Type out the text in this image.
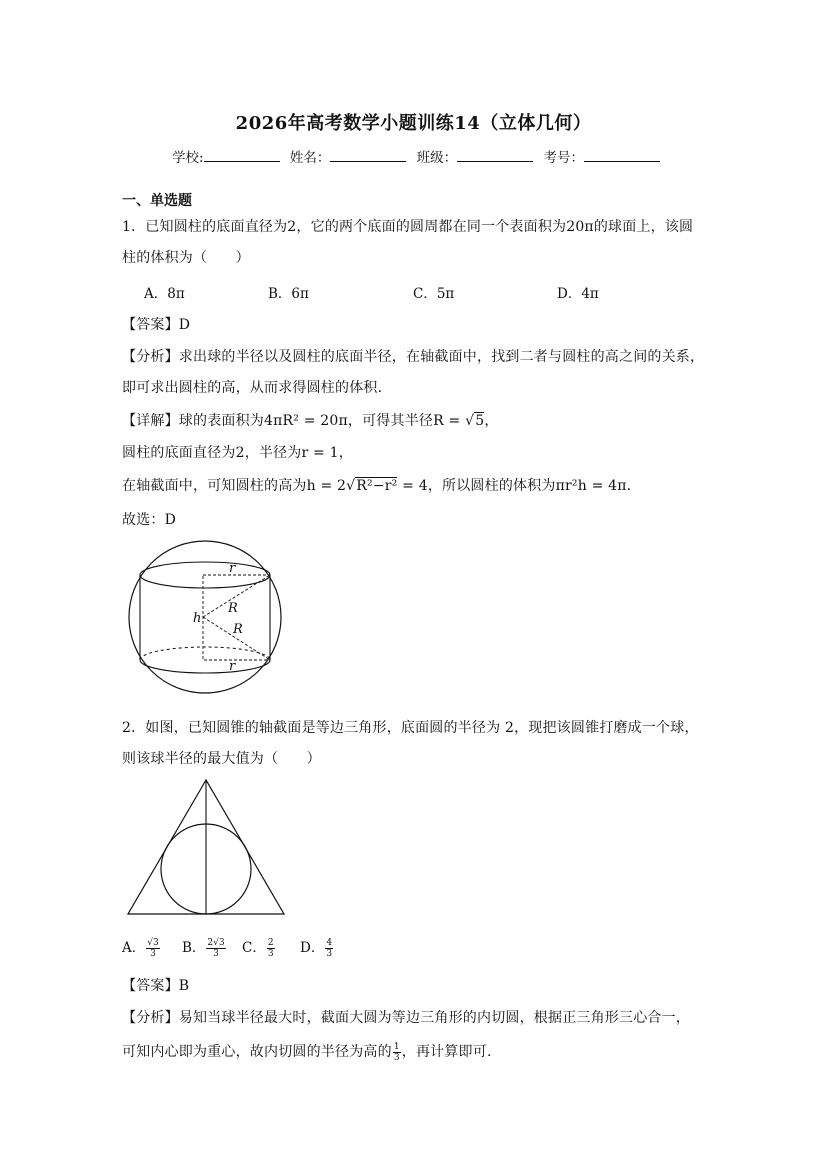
2026年高考数学小题训练14（立体几何）
学校:	姓名：	班级：	考号：
一、单选题
1．已知圆柱的底面直径为2，它的两个底面的圆周都在同一个表面积为20π的球面上，该圆
柱的体积为（　　）
A．8π	B．6π	C．5π	D．4π
【答案】D
【分析】求出球的半径以及圆柱的底面半径，在轴截面中，找到二者与圆柱的高之间的关系，
即可求出圆柱的高，从而求得圆柱的体积.
【详解】球的表面积为4πR² = 20π，可得其半径R = √5，
圆柱的底面直径为2，半径为r = 1，
在轴截面中，可知圆柱的高为h = 2√R²−r² = 4，所以圆柱的体积为πr²h = 4π.
故选：D
r
R
h
R
r
2．如图，已知圆锥的轴截面是等边三角形，底面圆的半径为 2，现把该圆锥打磨成一个球，
则该球半径的最大值为（　　）
A． $\frac{√3}{3}$ B． $\frac{2√3}{3}$ C． $\frac{2}{3}$ D． $\frac{4}{3}$
【答案】B
【分析】易知当球半径最大时，截面大圆为等边三角形的内切圆，根据正三角形三心合一，
可知内心即为重心，故内切圆的半径为高的 $\frac{1}{3}$ ，再计算即可.
